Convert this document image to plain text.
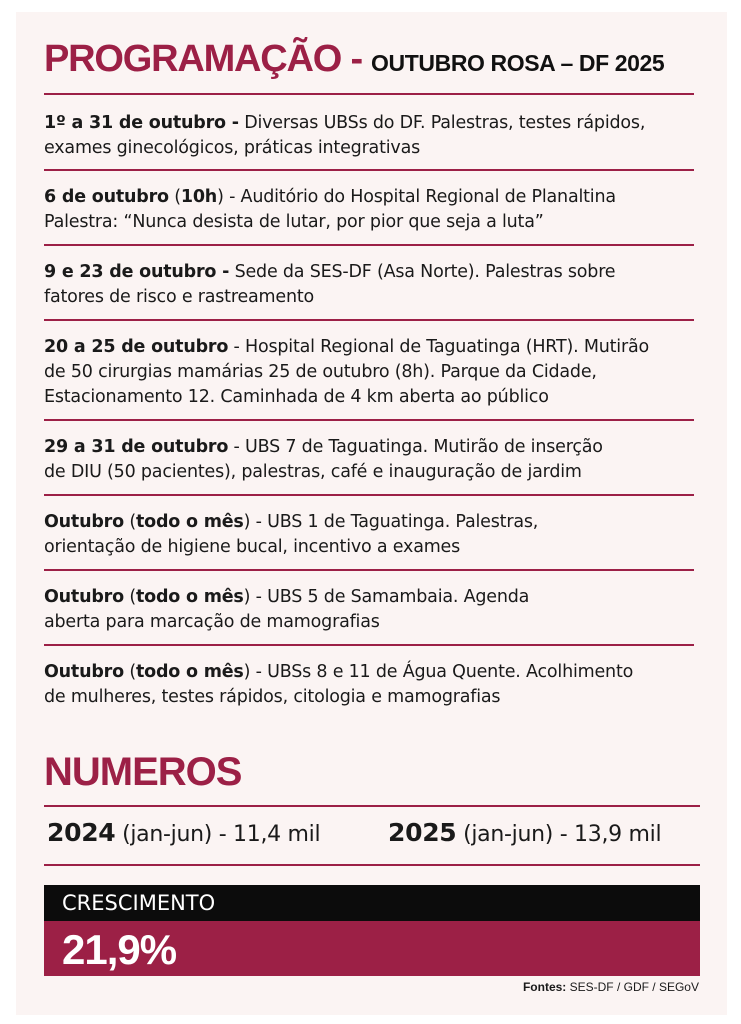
PROGRAMAÇÃO - OUTUBRO ROSA – DF 2025
1º a 31 de outubro - Diversas UBSs do DF. Palestras, testes rápidos,
exames ginecológicos, práticas integrativas
6 de outubro (10h) - Auditório do Hospital Regional de Planaltina
Palestra: “Nunca desista de lutar, por pior que seja a luta”
9 e 23 de outubro - Sede da SES-DF (Asa Norte). Palestras sobre
fatores de risco e rastreamento
20 a 25 de outubro - Hospital Regional de Taguatinga (HRT). Mutirão
de 50 cirurgias mamárias 25 de outubro (8h). Parque da Cidade,
Estacionamento 12. Caminhada de 4 km aberta ao público
29 a 31 de outubro - UBS 7 de Taguatinga. Mutirão de inserção
de DIU (50 pacientes), palestras, café e inauguração de jardim
Outubro (todo o mês) - UBS 1 de Taguatinga. Palestras,
orientação de higiene bucal, incentivo a exames
Outubro (todo o mês) - UBS 5 de Samambaia. Agenda
aberta para marcação de mamografias
Outubro (todo o mês) - UBSs 8 e 11 de Água Quente. Acolhimento
de mulheres, testes rápidos, citologia e mamografias
NUMEROS
2024 (jan-jun) - 11,4 mil	2025 (jan-jun) - 13,9 mil
CRESCIMENTO
21,9%
Fontes: SES-DF / GDF / SEGoV
